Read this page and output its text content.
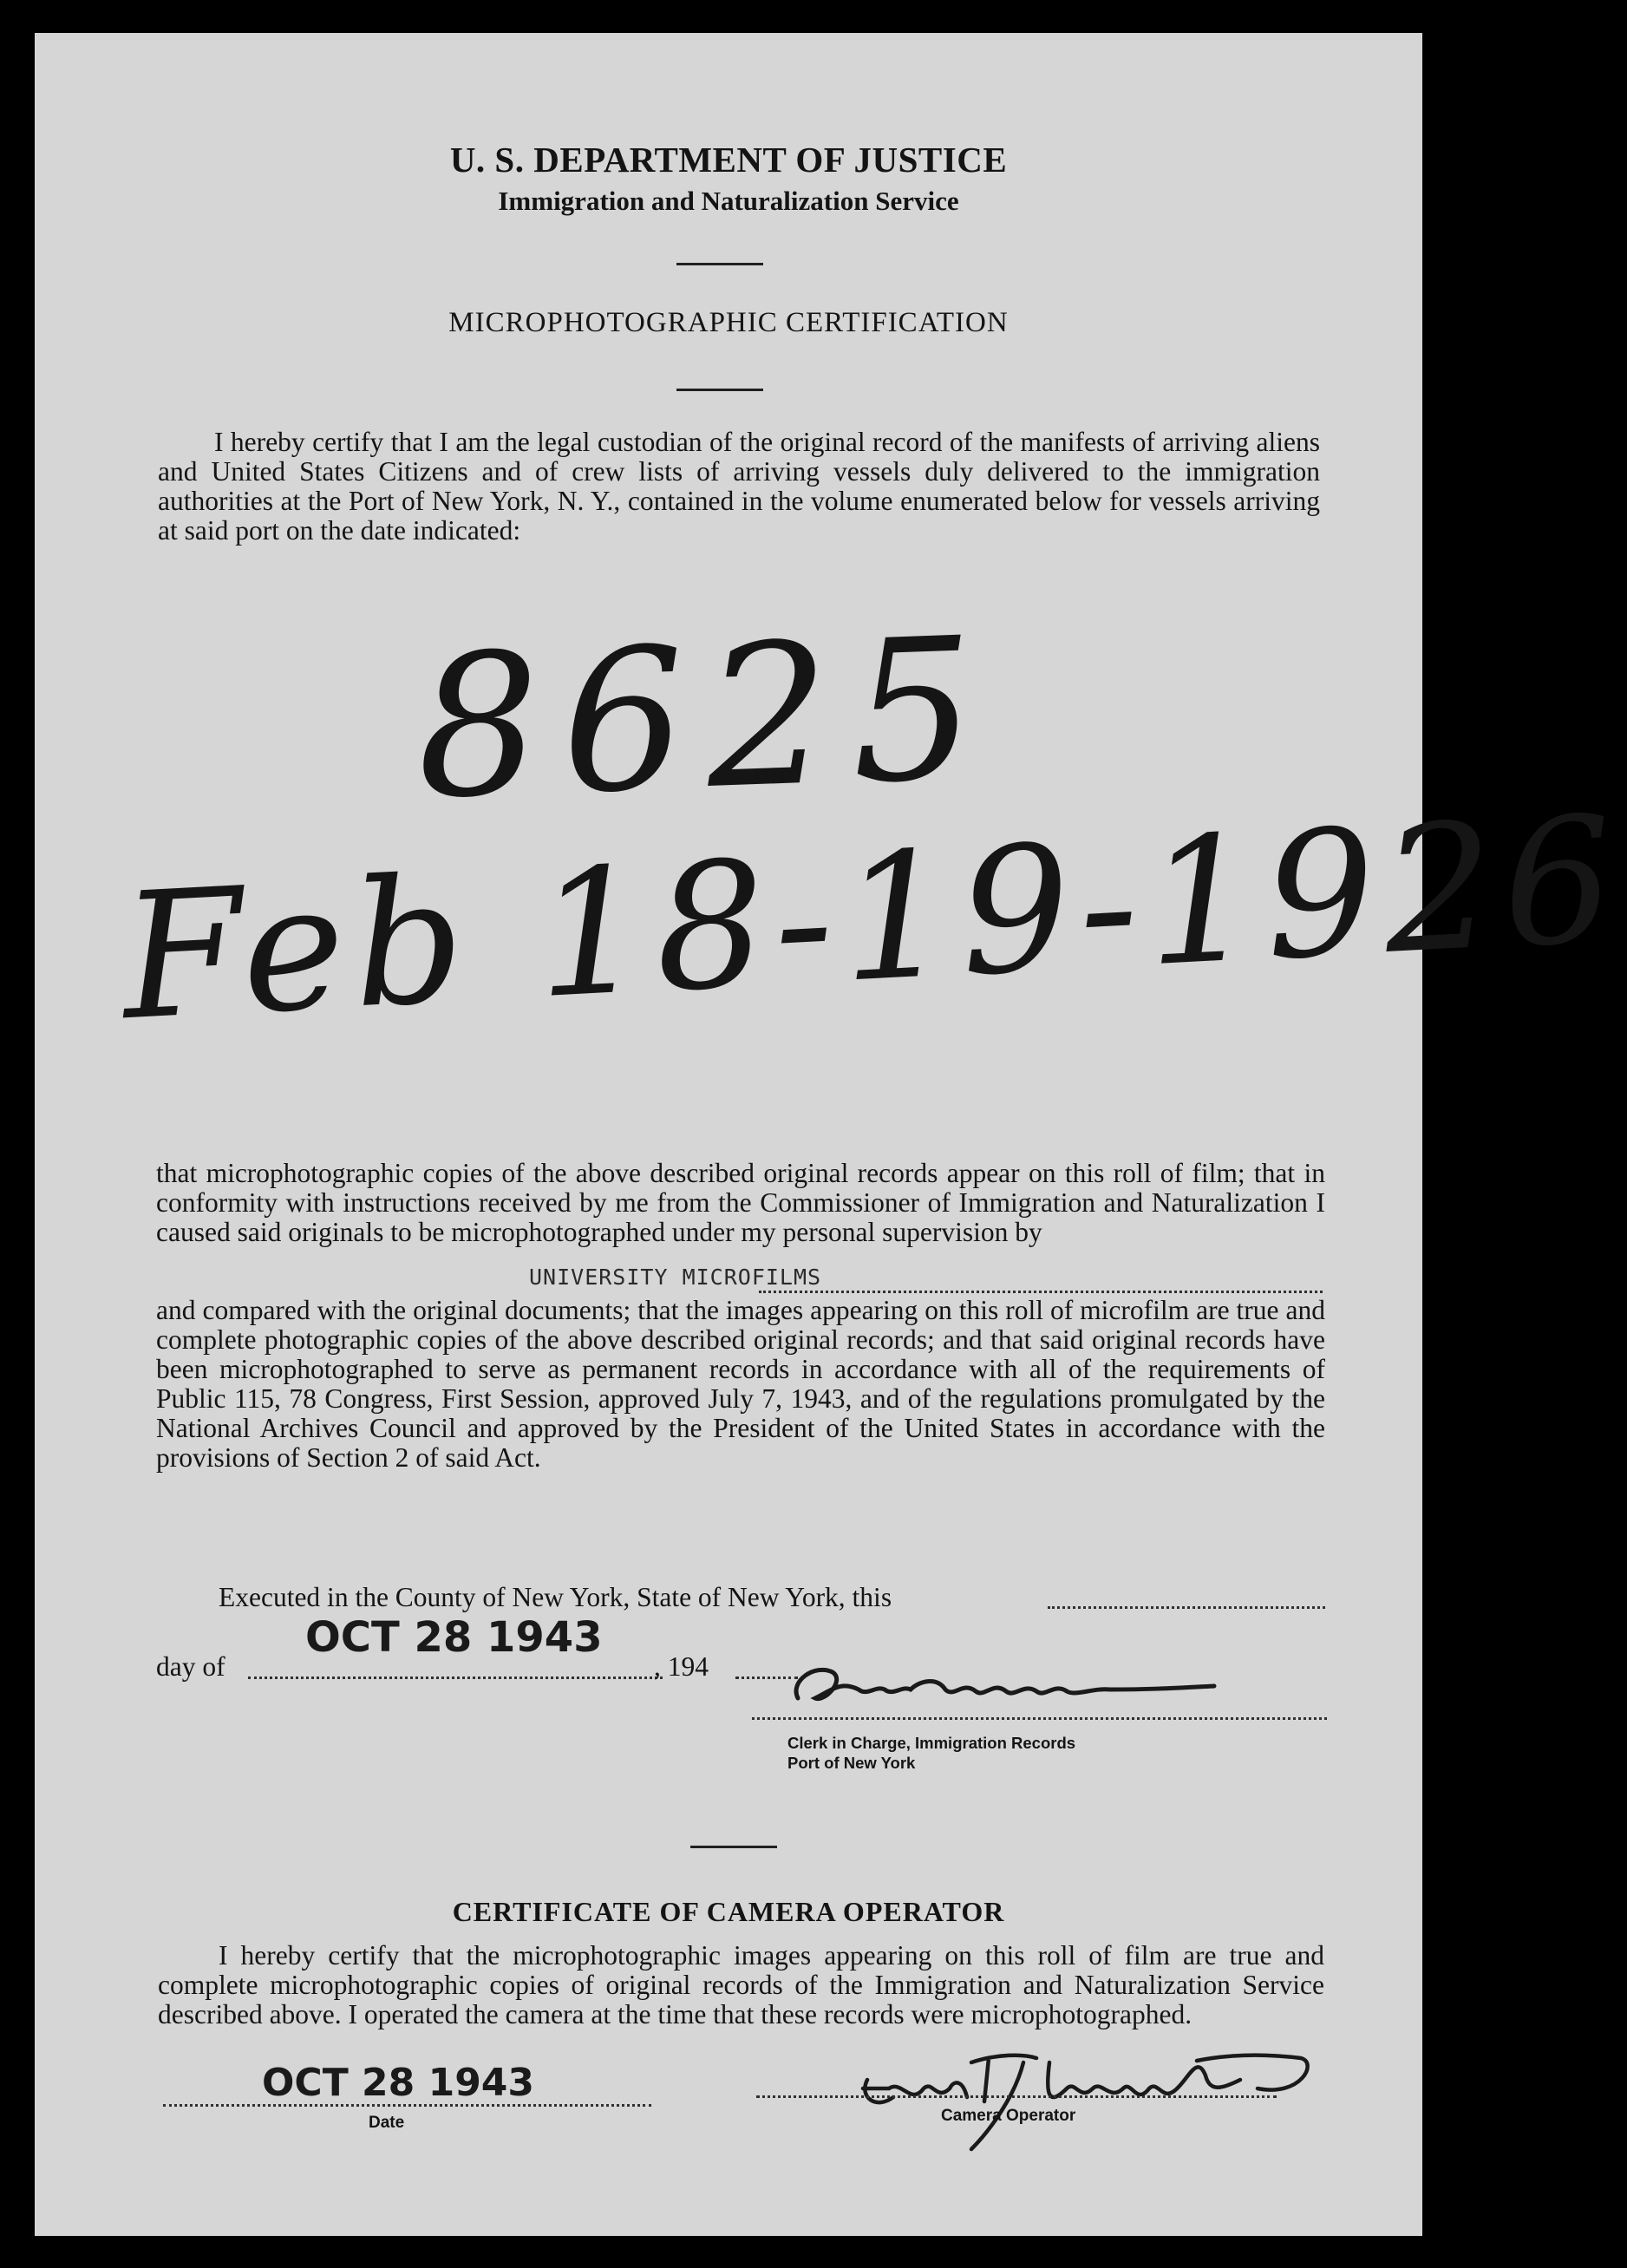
U. S. DEPARTMENT OF JUSTICE
Immigration and Naturalization Service
MICROPHOTOGRAPHIC CERTIFICATION

I hereby certify that I am the legal custodian of the original record of the manifests of arriving aliens and United States Citizens and of crew lists of arriving vessels duly delivered to the immigration authorities at the Port of New York, N. Y., contained in the volume enumerated below for vessels arriving at said port on the date indicated:

8625
Feb 18-19-1926

that microphotographic copies of the above described original records appear on this roll of film; that in conformity with instructions received by me from the Commissioner of Immigration and Naturalization I caused said originals to be microphotographed under my personal supervision by

UNIVERSITY MICROFILMS

and compared with the original documents; that the images appearing on this roll of microfilm are true and complete photographic copies of the above described original records; and that said original records have been microphotographed to serve as permanent records in accordance with all of the requirements of Public 115, 78 Congress, First Session, approved July 7, 1943, and of the regulations promulgated by the National Archives Council and approved by the President of the United States in accordance with the provisions of Section 2 of said Act.

Executed in the County of New York, State of New York, this
day of
OCT 28 1943
, 194
Clerk in Charge, Immigration Records
Port of New York
CERTIFICATE OF CAMERA OPERATOR

I hereby certify that the microphotographic images appearing on this roll of film are true and complete microphotographic copies of original records of the Immigration and Naturalization Service described above. I operated the camera at the time that these records were microphotographed.

OCT 28 1943
Date	Camera Operator
